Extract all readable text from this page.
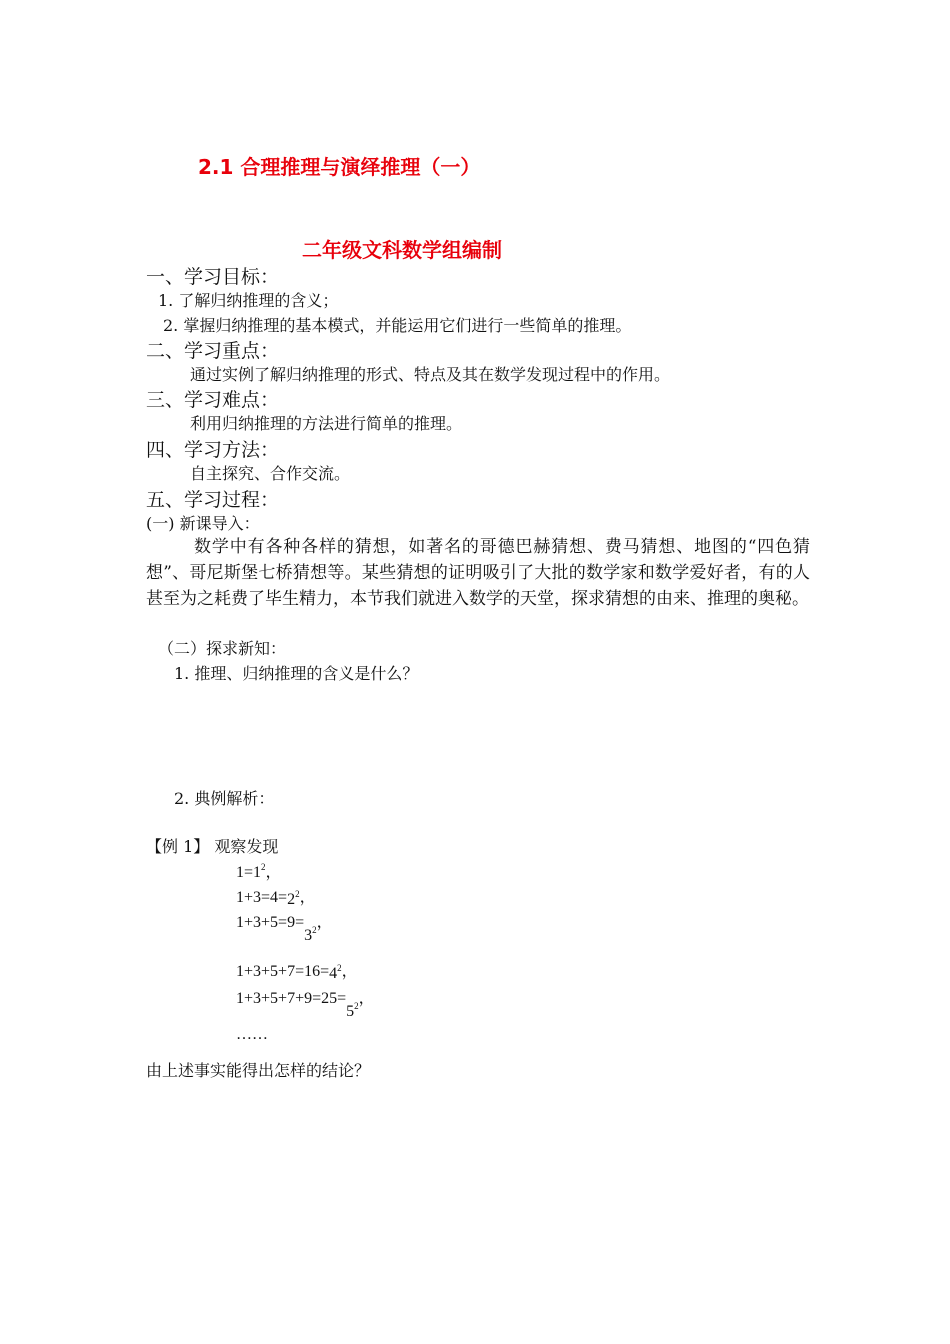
2.1 合理推理与演绎推理（一）
二年级文科数学组编制
一、学习目标：
1. 了解归纳推理的含义；
2. 掌握归纳推理的基本模式，并能运用它们进行一些简单的推理。
二、学习重点：
通过实例了解归纳推理的形式、特点及其在数学发现过程中的作用。
三、学习难点：
利用归纳推理的方法进行简单的推理。
四、学习方法：
自主探究、合作交流。
五、学习过程：
(一) 新课导入：
数学中有各种各样的猜想，如著名的哥德巴赫猜想、费马猜想、地图的“四色猜想”、哥尼斯堡七桥猜想等。某些猜想的证明吸引了大批的数学家和数学爱好者，有的人甚至为之耗费了毕生精力，本节我们就进入数学的天堂，探求猜想的由来、推理的奥秘。
（二）探求新知：
1. 推理、归纳推理的含义是什么？
2. 典例解析：
【例 1】 观察发现
$1=1^2$，
$1+3=4=2^2$，
$1+3+5=9=3^2$，
$1+3+5+7=16=4^2$，
$1+3+5+7+9=25=5^2$，
……
由上述事实能得出怎样的结论？
